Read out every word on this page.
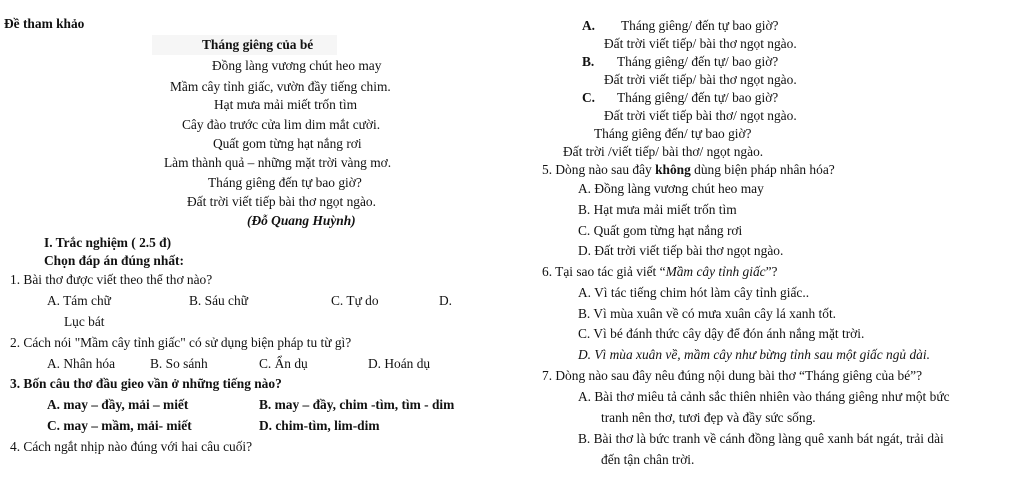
Đề tham khảo
Tháng giêng của bé
Đồng làng vương chút heo may
Mầm cây tỉnh giấc, vườn đầy tiếng chim.
Hạt mưa mải miết trốn tìm
Cây đào trước cửa lim dim mắt cười.
Quất gom từng hạt nắng rơi
Làm thành quả – những mặt trời vàng mơ.
Tháng giêng đến tự bao giờ?
Đất trời viết tiếp bài thơ ngọt ngào.
(Đỗ Quang Huỳnh)
I. Trắc nghiệm ( 2.5 đ)
Chọn đáp án đúng nhất:
1. Bài thơ được viết theo thể thơ nào?
A. Tám chữ	B. Sáu chữ	C. Tự do	D.
Lục bát
2. Cách nói "Mầm cây tỉnh giấc" có sử dụng biện pháp tu từ gì?
A. Nhân hóa	B. So sánh	C. Ẩn dụ	D. Hoán dụ
3. Bốn câu thơ đầu gieo vần ở những tiếng nào?
A. may – đầy, mải – miết	B. may – đầy, chim -tìm, tìm - dim
C. may – mầm, mải- miết	D. chim-tìm, lim-dim
4. Cách ngắt nhịp nào đúng với hai câu cuối?
A. Tháng giêng/ đến tự bao giờ?
Đất trời viết tiếp/ bài thơ ngọt ngào.
B. Tháng giêng/ đến tự/ bao giờ?
Đất trời viết tiếp/ bài thơ ngọt ngào.
C. Tháng giêng/ đến tự/ bao giờ?
Đất trời viết tiếp bài thơ/ ngọt ngào.
Tháng giêng đến/ tự bao giờ?
Đất trời /viết tiếp/ bài thơ/ ngọt ngào.
5. Dòng nào sau đây không dùng biện pháp nhân hóa?
A. Đồng làng vương chút heo may
B. Hạt mưa mải miết trốn tìm
C. Quất gom từng hạt nắng rơi
D. Đất trời viết tiếp bài thơ ngọt ngào.
6. Tại sao tác giả viết “Mầm cây tỉnh giấc”?
A. Vì tác tiếng chim hót làm cây tỉnh giấc..
B. Vì mùa xuân về có mưa xuân cây lá xanh tốt.
C. Vì bé đánh thức cây dậy để đón ánh nắng mặt trời.
D. Vì mùa xuân về, mầm cây như bừng tỉnh sau một giấc ngủ dài.
7. Dòng nào sau đây nêu đúng nội dung bài thơ “Tháng giêng của bé”?
A. Bài thơ miêu tả cảnh sắc thiên nhiên vào tháng giêng như một bức
tranh nên thơ, tươi đẹp và đầy sức sống.
B. Bài thơ là bức tranh về cánh đồng làng quê xanh bát ngát, trải dài
đến tận chân trời.
